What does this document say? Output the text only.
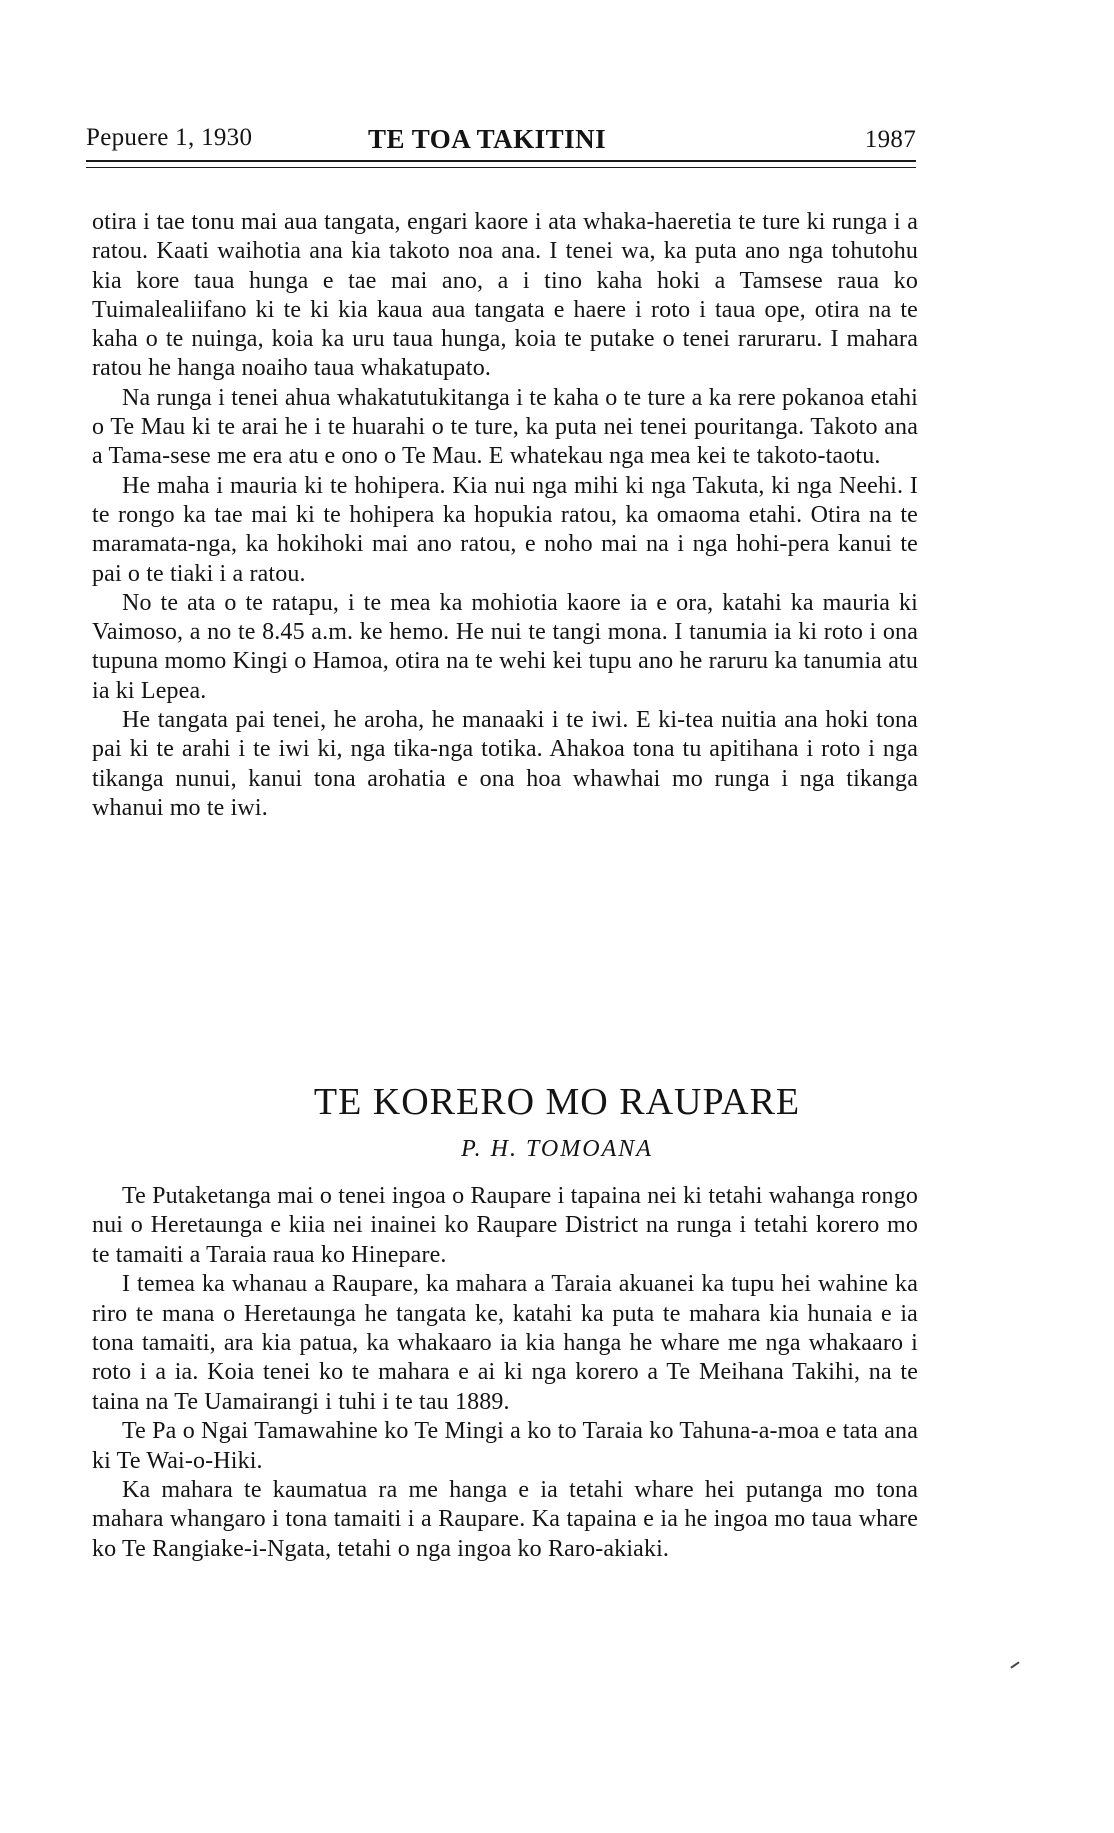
Pepuere 1, 1930	TE TOA TAKITINI	1987

otira i tae tonu mai aua tangata, engari kaore i ata whaka-haeretia te ture ki runga i a ratou. Kaati waihotia ana kia takoto noa ana. I tenei wa, ka puta ano nga tohutohu kia kore taua hunga e tae mai ano, a i tino kaha hoki a Tamsese raua ko Tuimalealiifano ki te ki kia kaua aua tangata e haere i roto i taua ope, otira na te kaha o te nuinga, koia ka uru taua hunga, koia te putake o tenei raruraru. I mahara ratou he hanga noaiho taua whakatupato.

Na runga i tenei ahua whakatutukitanga i te kaha o te ture a ka rere pokanoa etahi o Te Mau ki te arai he i te huarahi o te ture, ka puta nei tenei pouritanga. Takoto ana a Tama-sese me era atu e ono o Te Mau. E whatekau nga mea kei te takoto-taotu.

He maha i mauria ki te hohipera. Kia nui nga mihi ki nga Takuta, ki nga Neehi. I te rongo ka tae mai ki te hohipera ka hopukia ratou, ka omaoma etahi. Otira na te maramata-nga, ka hokihoki mai ano ratou, e noho mai na i nga hohi-pera kanui te pai o te tiaki i a ratou.

No te ata o te ratapu, i te mea ka mohiotia kaore ia e ora, katahi ka mauria ki Vaimoso, a no te 8.45 a.m. ke hemo. He nui te tangi mona. I tanumia ia ki roto i ona tupuna momo Kingi o Hamoa, otira na te wehi kei tupu ano he raruru ka tanumia atu ia ki Lepea.

He tangata pai tenei, he aroha, he manaaki i te iwi. E ki-tea nuitia ana hoki tona pai ki te arahi i te iwi ki, nga tika-nga totika. Ahakoa tona tu apitihana i roto i nga tikanga nunui, kanui tona arohatia e ona hoa whawhai mo runga i nga tikanga whanui mo te iwi.

TE KORERO MO RAUPARE
P. H. TOMOANA

Te Putaketanga mai o tenei ingoa o Raupare i tapaina nei ki tetahi wahanga rongo nui o Heretaunga e kiia nei inainei ko Raupare District na runga i tetahi korero mo te tamaiti a Taraia raua ko Hinepare.

I temea ka whanau a Raupare, ka mahara a Taraia akuanei ka tupu hei wahine ka riro te mana o Heretaunga he tangata ke, katahi ka puta te mahara kia hunaia e ia tona tamaiti, ara kia patua, ka whakaaro ia kia hanga he whare me nga whakaaro i roto i a ia. Koia tenei ko te mahara e ai ki nga korero a Te Meihana Takihi, na te taina na Te Uamairangi i tuhi i te tau 1889.

Te Pa o Ngai Tamawahine ko Te Mingi a ko to Taraia ko Tahuna-a-moa e tata ana ki Te Wai-o-Hiki.

Ka mahara te kaumatua ra me hanga e ia tetahi whare hei putanga mo tona mahara whangaro i tona tamaiti i a Raupare. Ka tapaina e ia he ingoa mo taua whare ko Te Rangiake-i-Ngata, tetahi o nga ingoa ko Raro-akiaki.
